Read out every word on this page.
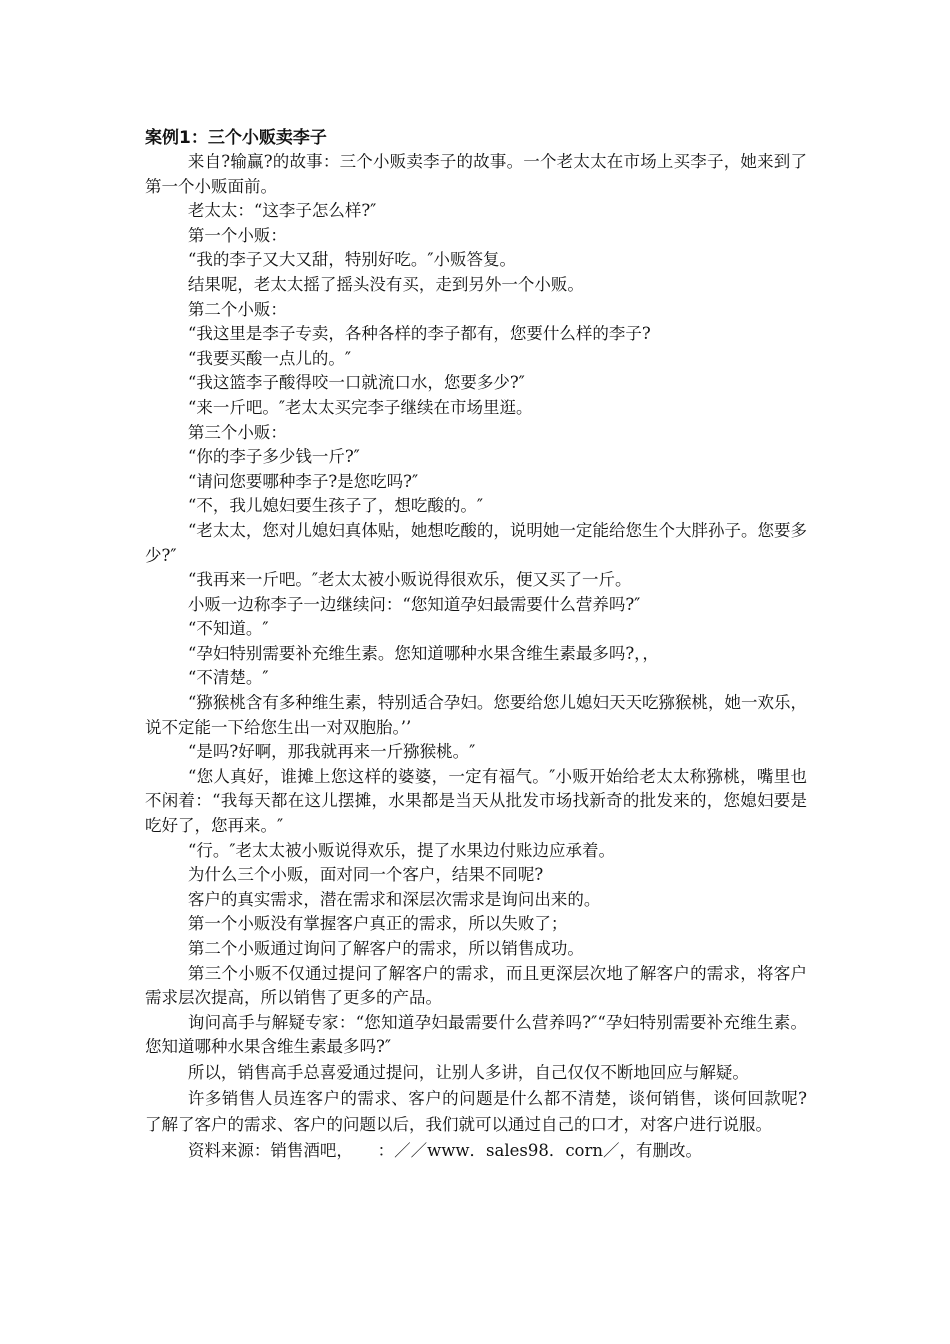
案例1：三个小贩卖李子

来自?输赢?的故事：三个小贩卖李子的故事。一个老太太在市场上买李子，她来到了第一个小贩面前。

老太太：“这李子怎么样?″

第一个小贩：

“我的李子又大又甜，特别好吃。″小贩答复。

结果呢，老太太摇了摇头没有买，走到另外一个小贩。

第二个小贩：

“我这里是李子专卖，各种各样的李子都有，您要什么样的李子?

“我要买酸一点儿的。″

“我这篮李子酸得咬一口就流口水，您要多少?″

“来一斤吧。″老太太买完李子继续在市场里逛。

第三个小贩：

“你的李子多少钱一斤?″

“请问您要哪种李子?是您吃吗?″

“不，我儿媳妇要生孩子了，想吃酸的。″

“老太太，您对儿媳妇真体贴，她想吃酸的，说明她一定能给您生个大胖孙子。您要多少?″

“我再来一斤吧。″老太太被小贩说得很欢乐，便又买了一斤。

小贩一边称李子一边继续问：“您知道孕妇最需要什么营养吗?″

“不知道。″

“孕妇特别需要补充维生素。您知道哪种水果含维生素最多吗?，，

“不清楚。″

“猕猴桃含有多种维生素，特别适合孕妇。您要给您儿媳妇天天吃猕猴桃，她一欢乐，说不定能一下给您生出一对双胞胎。’’

“是吗?好啊，那我就再来一斤猕猴桃。″

“您人真好，谁摊上您这样的婆婆，一定有福气。″小贩开始给老太太称猕桃，嘴里也不闲着：“我每天都在这儿摆摊，水果都是当天从批发市场找新奇的批发来的，您媳妇要是吃好了，您再来。″

“行。″老太太被小贩说得欢乐，提了水果边付账边应承着。

为什么三个小贩，面对同一个客户，结果不同呢?

客户的真实需求，潜在需求和深层次需求是询问出来的。

第一个小贩没有掌握客户真正的需求，所以失败了；

第二个小贩通过询问了解客户的需求，所以销售成功。

第三个小贩不仅通过提问了解客户的需求，而且更深层次地了解客户的需求，将客户需求层次提高，所以销售了更多的产品。

询问高手与解疑专家：“您知道孕妇最需要什么营养吗?″“孕妇特别需要补充维生素。您知道哪种水果含维生素最多吗?″

所以，销售高手总喜爱通过提问，让别人多讲，自己仅仅不断地回应与解疑。

许多销售人员连客户的需求、客户的问题是什么都不清楚，谈何销售，谈何回款呢?了解了客户的需求、客户的问题以后，我们就可以通过自己的口才，对客户进行说服。

资料来源：销售酒吧，　　：／／www．sales98．corn／，有删改。
